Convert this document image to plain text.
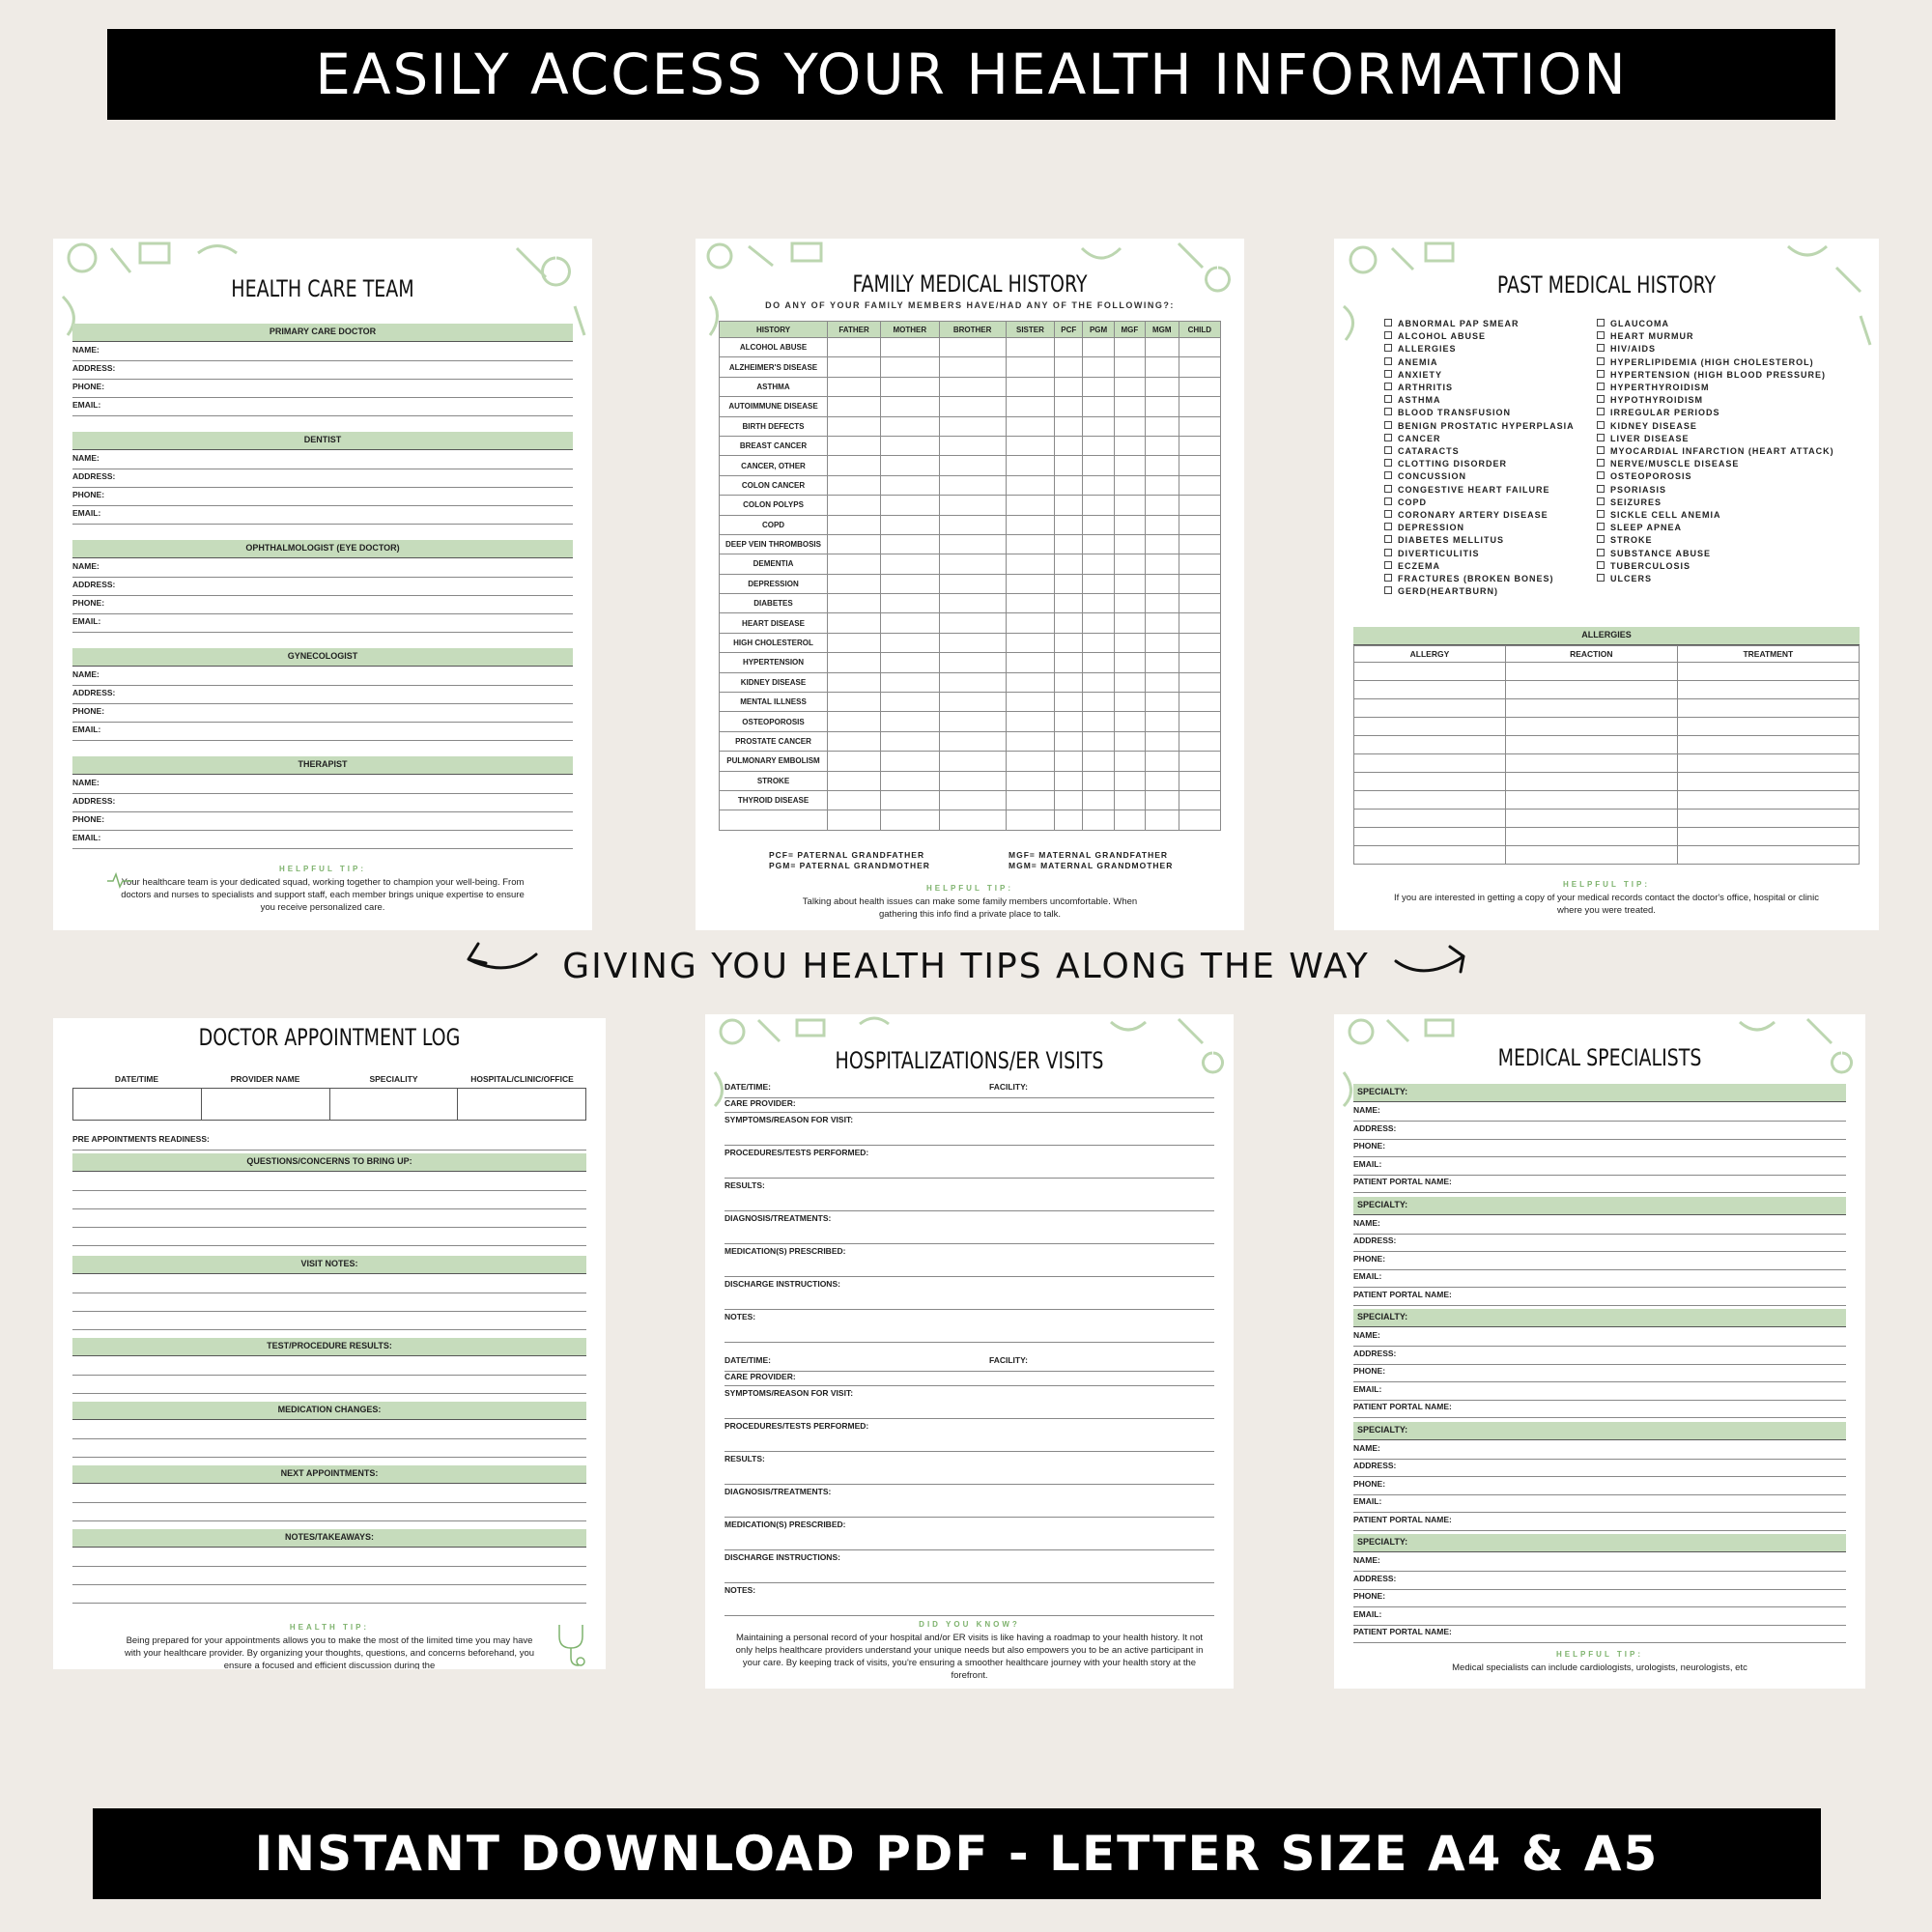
EASILY ACCESS YOUR HEALTH INFORMATION
HEALTH CARE TEAM
PRIMARY CARE DOCTOR
NAME:
ADDRESS:
PHONE:
EMAIL:
DENTIST
NAME:
ADDRESS:
PHONE:
EMAIL:
OPHTHALMOLOGIST (EYE DOCTOR)
NAME:
ADDRESS:
PHONE:
EMAIL:
GYNECOLOGIST
NAME:
ADDRESS:
PHONE:
EMAIL:
THERAPIST
NAME:
ADDRESS:
PHONE:
EMAIL:
HELPFUL TIP:
Your healthcare team is your dedicated squad, working together to champion your well-being. From doctors and nurses to specialists and support staff, each member brings unique expertise to ensure you receive personalized care.
FAMILY MEDICAL HISTORY
DO ANY OF YOUR FAMILY MEMBERS HAVE/HAD ANY OF THE FOLLOWING?:
HISTORY	FATHER	MOTHER	BROTHER	SISTER	PCF	PGM	MGF	MGM	CHILD
ALCOHOL ABUSE									
ALZHEIMER'S DISEASE									
ASTHMA									
AUTOIMMUNE DISEASE									
BIRTH DEFECTS									
BREAST CANCER									
CANCER, OTHER									
COLON CANCER									
COLON POLYPS									
COPD									
DEEP VEIN THROMBOSIS									
DEMENTIA									
DEPRESSION									
DIABETES									
HEART DISEASE									
HIGH CHOLESTEROL									
HYPERTENSION									
KIDNEY DISEASE									
MENTAL ILLNESS									
OSTEOPOROSIS									
PROSTATE CANCER									
PULMONARY EMBOLISM									
STROKE									
THYROID DISEASE									

PCF= PATERNAL GRANDFATHER
PGM= PATERNAL GRANDMOTHER
MGF= MATERNAL GRANDFATHER
MGM= MATERNAL GRANDMOTHER
HELPFUL TIP:
Talking about health issues can make some family members uncomfortable. When gathering this info find a private place to talk.
PAST MEDICAL HISTORY
ABNORMAL PAP SMEAR
ALCOHOL ABUSE
ALLERGIES
ANEMIA
ANXIETY
ARTHRITIS
ASTHMA
BLOOD TRANSFUSION
BENIGN PROSTATIC HYPERPLASIA
CANCER
CATARACTS
CLOTTING DISORDER
CONCUSSION
CONGESTIVE HEART FAILURE
COPD
CORONARY ARTERY DISEASE
DEPRESSION
DIABETES MELLITUS
DIVERTICULITIS
ECZEMA
FRACTURES (BROKEN BONES)
GERD(HEARTBURN)
GLAUCOMA
HEART MURMUR
HIV/AIDS
HYPERLIPIDEMIA (HIGH CHOLESTEROL)
HYPERTENSION (HIGH BLOOD PRESSURE)
HYPERTHYROIDISM
HYPOTHYROIDISM
IRREGULAR PERIODS
KIDNEY DISEASE
LIVER DISEASE
MYOCARDIAL INFARCTION (HEART ATTACK)
NERVE/MUSCLE DISEASE
OSTEOPOROSIS
PSORIASIS
SEIZURES
SICKLE CELL ANEMIA
SLEEP APNEA
STROKE
SUBSTANCE ABUSE
TUBERCULOSIS
ULCERS
ALLERGIES
ALLERGY	REACTION	TREATMENT

HELPFUL TIP:
If you are interested in getting a copy of your medical records contact the doctor's office, hospital or clinic where you were treated.
GIVING YOU HEALTH TIPS ALONG THE WAY
DOCTOR APPOINTMENT LOG
DATE/TIME	PROVIDER NAME	SPECIALITY	HOSPITAL/CLINIC/OFFICE
PRE APPOINTMENTS READINESS:
QUESTIONS/CONCERNS TO BRING UP:
VISIT NOTES:
TEST/PROCEDURE RESULTS:
MEDICATION CHANGES:
NEXT APPOINTMENTS:
NOTES/TAKEAWAYS:
HEALTH TIP:
Being prepared for your appointments allows you to make the most of the limited time you may have with your healthcare provider. By organizing your thoughts, questions, and concerns beforehand, you ensure a focused and efficient discussion during the
HOSPITALIZATIONS/ER VISITS
DATE/TIME:	FACILITY:
CARE PROVIDER:
SYMPTOMS/REASON FOR VISIT:
PROCEDURES/TESTS PERFORMED:
RESULTS:
DIAGNOSIS/TREATMENTS:
MEDICATION(S) PRESCRIBED:
DISCHARGE INSTRUCTIONS:
NOTES:
DATE/TIME:	FACILITY:
CARE PROVIDER:
SYMPTOMS/REASON FOR VISIT:
PROCEDURES/TESTS PERFORMED:
RESULTS:
DIAGNOSIS/TREATMENTS:
MEDICATION(S) PRESCRIBED:
DISCHARGE INSTRUCTIONS:
NOTES:
DID YOU KNOW?
Maintaining a personal record of your hospital and/or ER visits is like having a roadmap to your health history. It not only helps healthcare providers understand your unique needs but also empowers you to be an active participant in your care. By keeping track of visits, you're ensuring a smoother healthcare journey with your health story at the forefront.
MEDICAL SPECIALISTS
SPECIALTY:
NAME:
ADDRESS:
PHONE:
EMAIL:
PATIENT PORTAL NAME:
SPECIALTY:
NAME:
ADDRESS:
PHONE:
EMAIL:
PATIENT PORTAL NAME:
SPECIALTY:
NAME:
ADDRESS:
PHONE:
EMAIL:
PATIENT PORTAL NAME:
SPECIALTY:
NAME:
ADDRESS:
PHONE:
EMAIL:
PATIENT PORTAL NAME:
SPECIALTY:
NAME:
ADDRESS:
PHONE:
EMAIL:
PATIENT PORTAL NAME:
HELPFUL TIP:
Medical specialists can include cardiologists, urologists, neurologists, etc
INSTANT DOWNLOAD PDF - LETTER SIZE A4 & A5
